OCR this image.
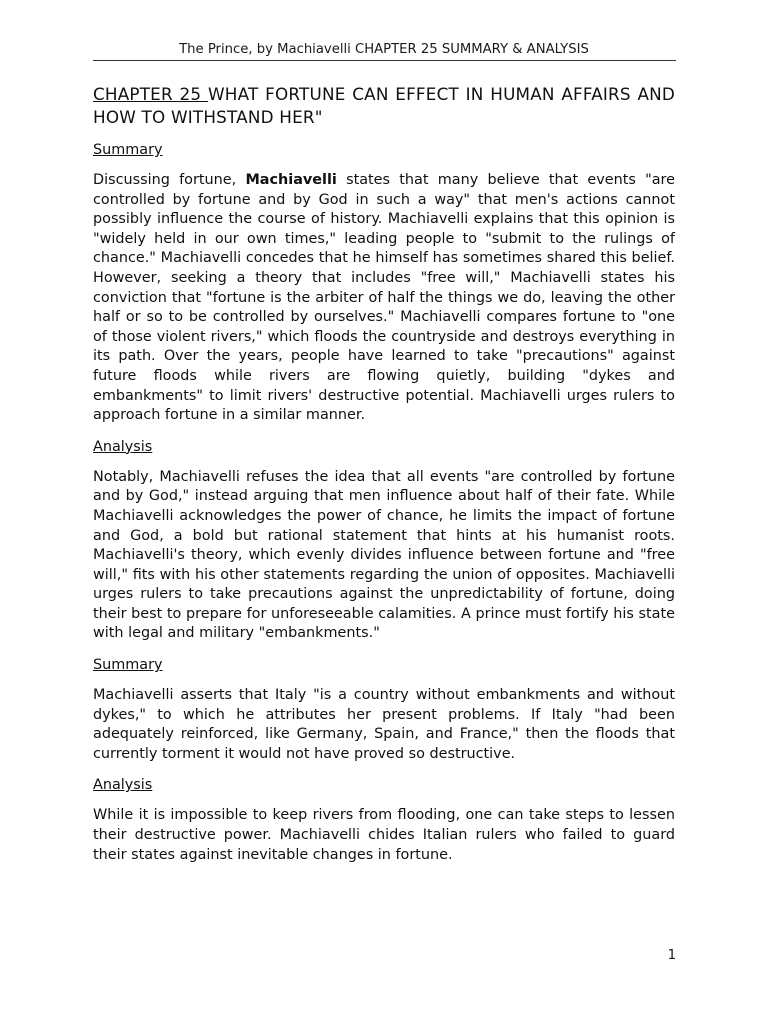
The Prince, by Machiavelli CHAPTER 25 SUMMARY & ANALYSIS
CHAPTER 25 WHAT FORTUNE CAN EFFECT IN HUMAN AFFAIRS AND HOW TO WITHSTAND HER"
Summary

Discussing fortune, Machiavelli states that many believe that events "are controlled by fortune and by God in such a way" that men's actions cannot possibly influence the course of history. Machiavelli explains that this opinion is "widely held in our own times," leading people to "submit to the rulings of chance." Machiavelli concedes that he himself has sometimes shared this belief. However, seeking a theory that includes "free will," Machiavelli states his conviction that "fortune is the arbiter of half the things we do, leaving the other half or so to be controlled by ourselves." Machiavelli compares fortune to "one of those violent rivers," which floods the countryside and destroys everything in its path. Over the years, people have learned to take "precautions" against future floods while rivers are flowing quietly, building "dykes and embankments" to limit rivers' destructive potential. Machiavelli urges rulers to approach fortune in a similar manner.

Analysis

Notably, Machiavelli refuses the idea that all events "are controlled by fortune and by God," instead arguing that men influence about half of their fate. While Machiavelli acknowledges the power of chance, he limits the impact of fortune and God, a bold but rational statement that hints at his humanist roots. Machiavelli's theory, which evenly divides influence between fortune and "free will," fits with his other statements regarding the union of opposites. Machiavelli urges rulers to take precautions against the unpredictability of fortune, doing their best to prepare for unforeseeable calamities. A prince must fortify his state with legal and military "embankments."

Summary

Machiavelli asserts that Italy "is a country without embankments and without dykes," to which he attributes her present problems. If Italy "had been adequately reinforced, like Germany, Spain, and France," then the floods that currently torment it would not have proved so destructive.

Analysis

While it is impossible to keep rivers from flooding, one can take steps to lessen their destructive power. Machiavelli chides Italian rulers who failed to guard their states against inevitable changes in fortune.

1
